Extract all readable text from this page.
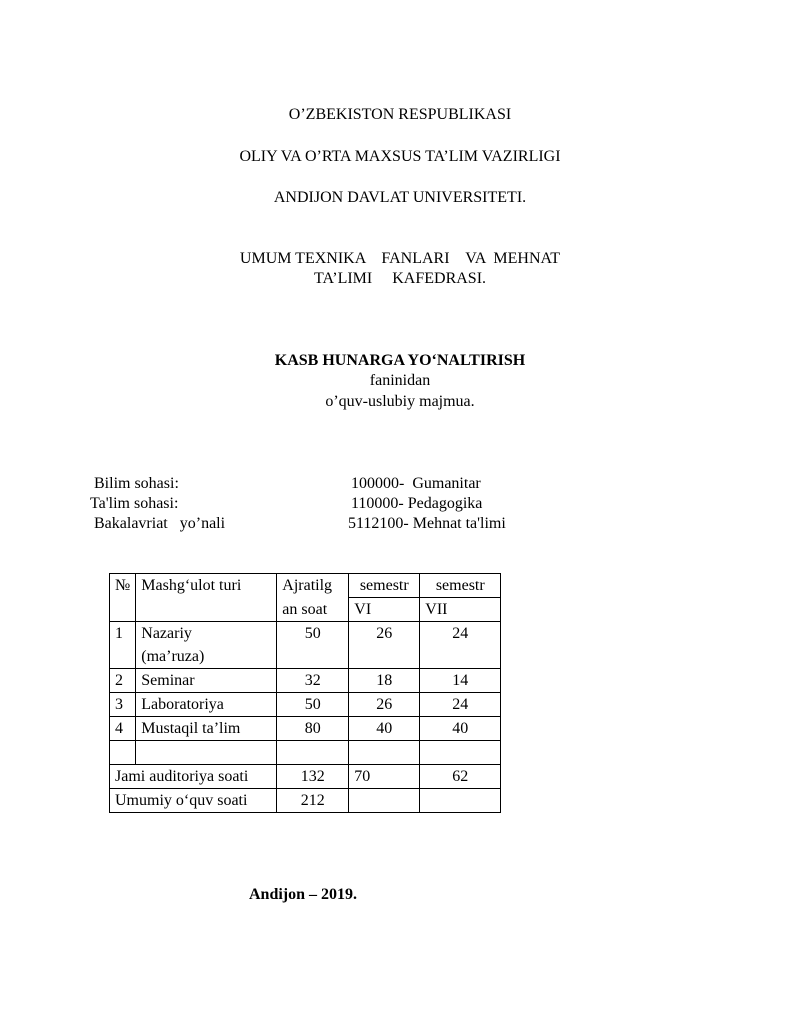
O’ZBEKISTON RESPUBLIKASI
OLIY VA O’RTA MAXSUS TA’LIM VAZIRLIGI
ANDIJON DAVLAT UNIVERSITETI.
UMUM TEXNIKA    FANLARI    VA  MEHNAT
TA’LIMI     KAFEDRASI.
KASB HUNARGA YO‘NALTIRISH
faninidan
o’quv-uslubiy majmua.
Bilim sohasi:	100000-  Gumanitar
Ta'lim sohasi:	110000- Pedagogika
Bakalavriat   yo’nali	5112100- Mehnat ta'limi
№	Mashg‘ulot turi	Ajratilg	semestr	semestr
		an soat	VI	VII
1	Nazariy	50	26	24
	(ma’ruza)			
2	Seminar	32	18	14
3	Laboratoriya	50	26	24
4	Mustaqil ta’lim	80	40	40

Jami auditoriya soati		132	70	62
Umumiy o‘quv soati		212		
Andijon – 2019.
